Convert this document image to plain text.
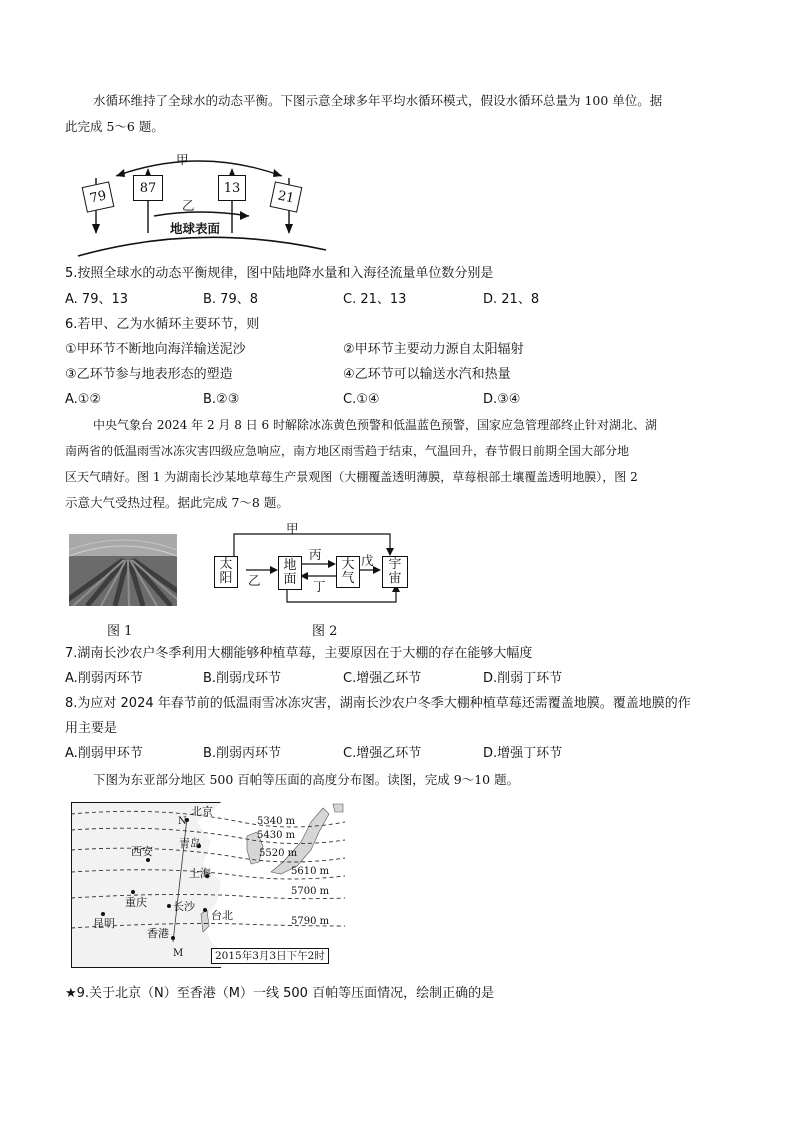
水循环维持了全球水的动态平衡。下图示意全球多年平均水循环模式，假设水循环总量为 100 单位。据
此完成 5～6 题。
79	87	13	21
甲
乙
地球表面
5.按照全球水的动态平衡规律，图中陆地降水量和入海径流量单位数分别是
A. 79、13	B. 79、8	C. 21、13	D. 21、8
6.若甲、乙为水循环主要环节，则
①甲环节不断地向海洋输送泥沙	②甲环节主要动力源自太阳辐射
③乙环节参与地表形态的塑造	④乙环节可以输送水汽和热量
A.①②	B.②③	C.①④	D.③④
中央气象台 2024 年 2 月 8 日 6 时解除冰冻黄色预警和低温蓝色预警，国家应急管理部终止针对湖北、湖
南两省的低温雨雪冰冻灾害四级应急响应，南方地区雨雪趋于结束，气温回升，春节假日前期全国大部分地
区天气晴好。图 1 为湖南长沙某地草莓生产景观图（大棚覆盖透明薄膜，草莓根部土壤覆盖透明地膜），图 2
示意大气受热过程。据此完成 7～8 题。
图 1
太
阳
地
面
大
气
宇
宙
甲
乙
丙
丁
戊
图 2
7.湖南长沙农户冬季利用大棚能够种植草莓，主要原因在于大棚的存在能够大幅度
A.削弱丙环节	B.削弱戊环节	C.增强乙环节	D.削弱丁环节
8.为应对 2024 年春节前的低温雨雪冰冻灾害，湖南长沙农户冬季大棚种植草莓还需覆盖地膜。覆盖地膜的作
用主要是
A.削弱甲环节	B.削弱丙环节	C.增强乙环节	D.增强丁环节
下图为东亚部分地区 500 百帕等压面的高度分布图。读图，完成 9～10 题。
北京
青岛
西安
上海
重庆 长沙
昆明
台北
香港
N
M
5340 m
5430 m
5520 m
5610 m
5700 m
5790 m
2015年3月3日下午2时
★9.关于北京（N）至香港（M）一线 500 百帕等压面情况，绘制正确的是
